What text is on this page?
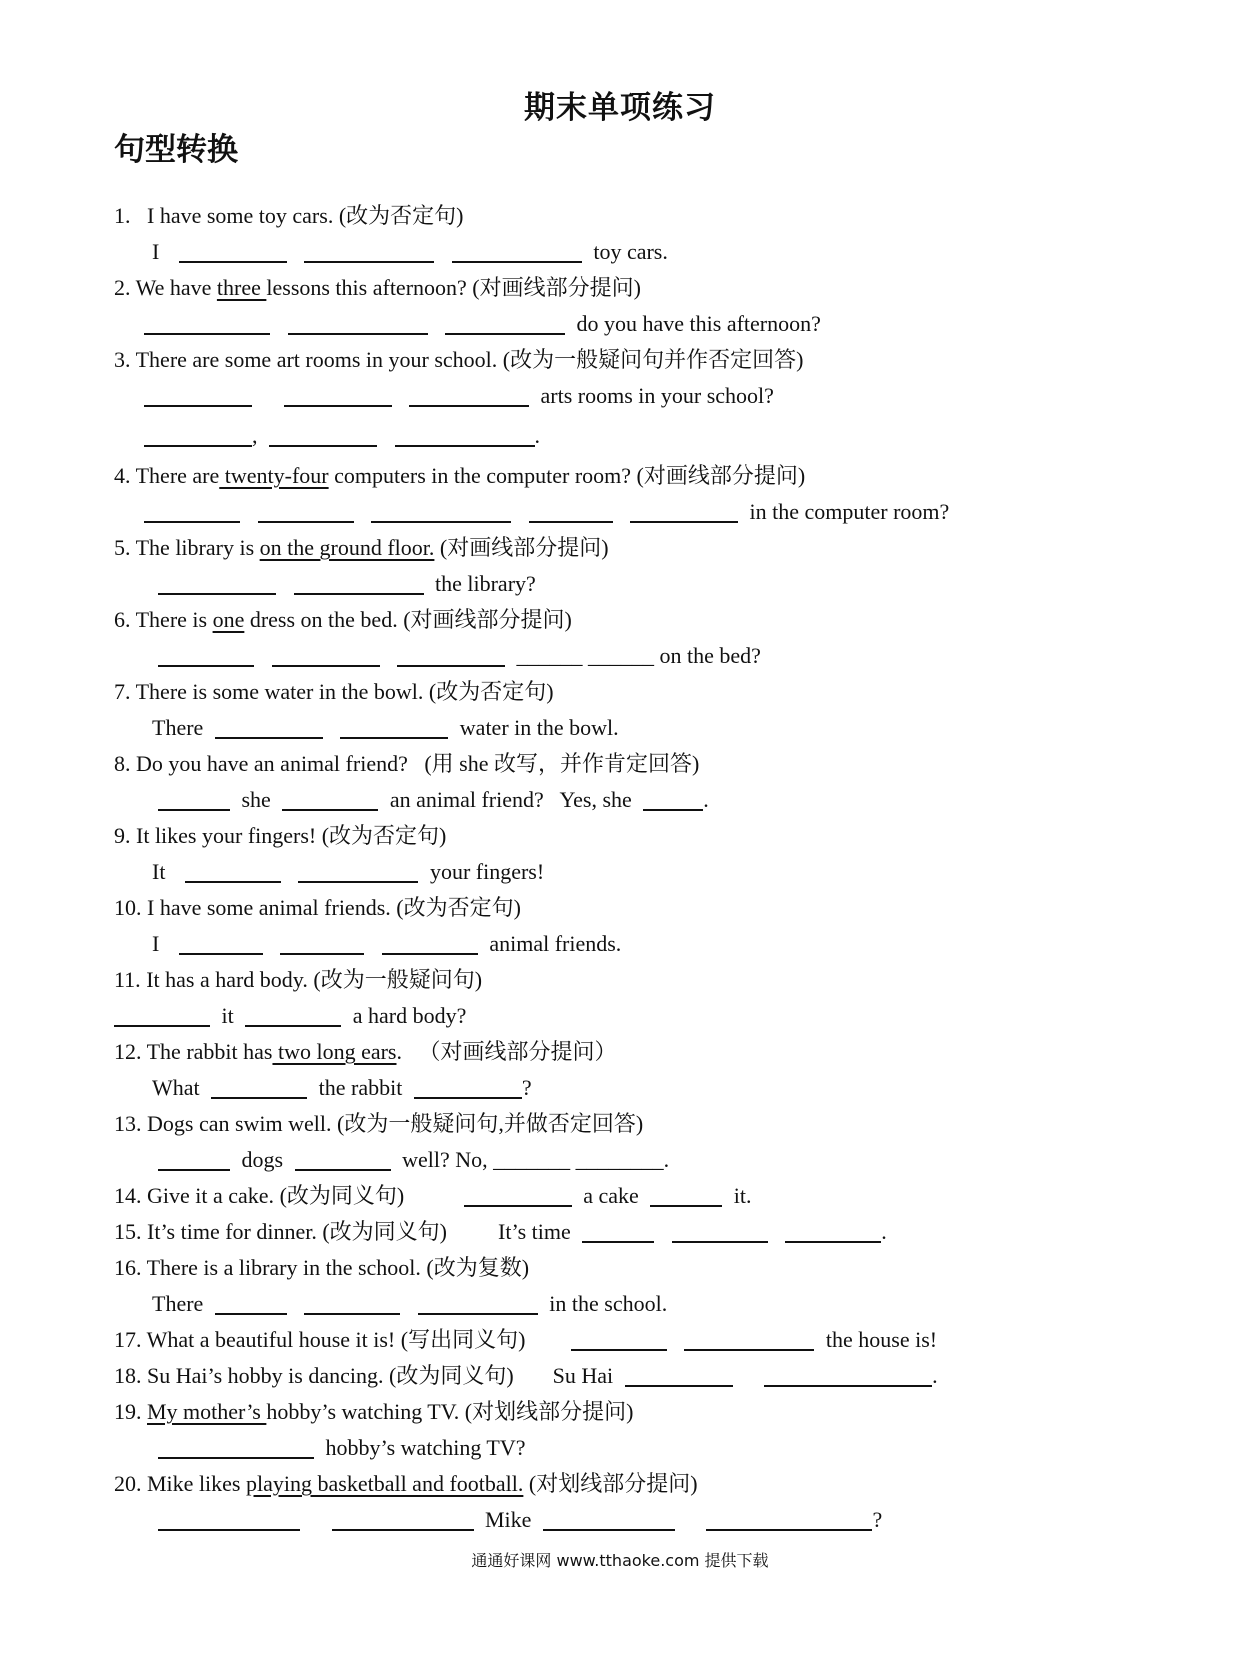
期末单项练习
句型转换
1. I have some toy cars. (改为否定句)
I	toy cars.
2. We have three lessons this afternoon? (对画线部分提问)
do you have this afternoon?
3. There are some art rooms in your school. (改为一般疑问句并作否定回答)
arts rooms in your school?
,	.
4. There are twenty-four computers in the computer room? (对画线部分提问)
in the computer room?
5. The library is on the ground floor. (对画线部分提问)
the library?
6. There is one dress on the bed. (对画线部分提问)
______ ______ on the bed?
7. There is some water in the bowl. (改为否定句)
There	water in the bowl.
8. Do you have an animal friend? (用 she 改写，并作肯定回答)
she	an animal friend? Yes, she	.
9. It likes your fingers! (改为否定句)
It	your fingers!
10. I have some animal friends. (改为否定句)
I	animal friends.
11. It has a hard body. (改为一般疑问句)
it	a hard body?
12. The rabbit has two long ears. （对画线部分提问）
What	the rabbit	?
13. Dogs can swim well. (改为一般疑问句,并做否定回答)
dogs	well? No, _______ ________.
14. Give it a cake. (改为同义句)	a cake	it.
15. It’s time for dinner. (改为同义句) It’s time	.
16. There is a library in the school. (改为复数)
There	in the school.
17. What a beautiful house it is! (写出同义句)	the house is!
18. Su Hai’s hobby is dancing. (改为同义句) Su Hai	.
19. My mother’s hobby’s watching TV. (对划线部分提问)
hobby’s watching TV?
20. Mike likes playing basketball and football. (对划线部分提问)
Mike	?
通通好课网 www.tthaoke.com 提供下载
